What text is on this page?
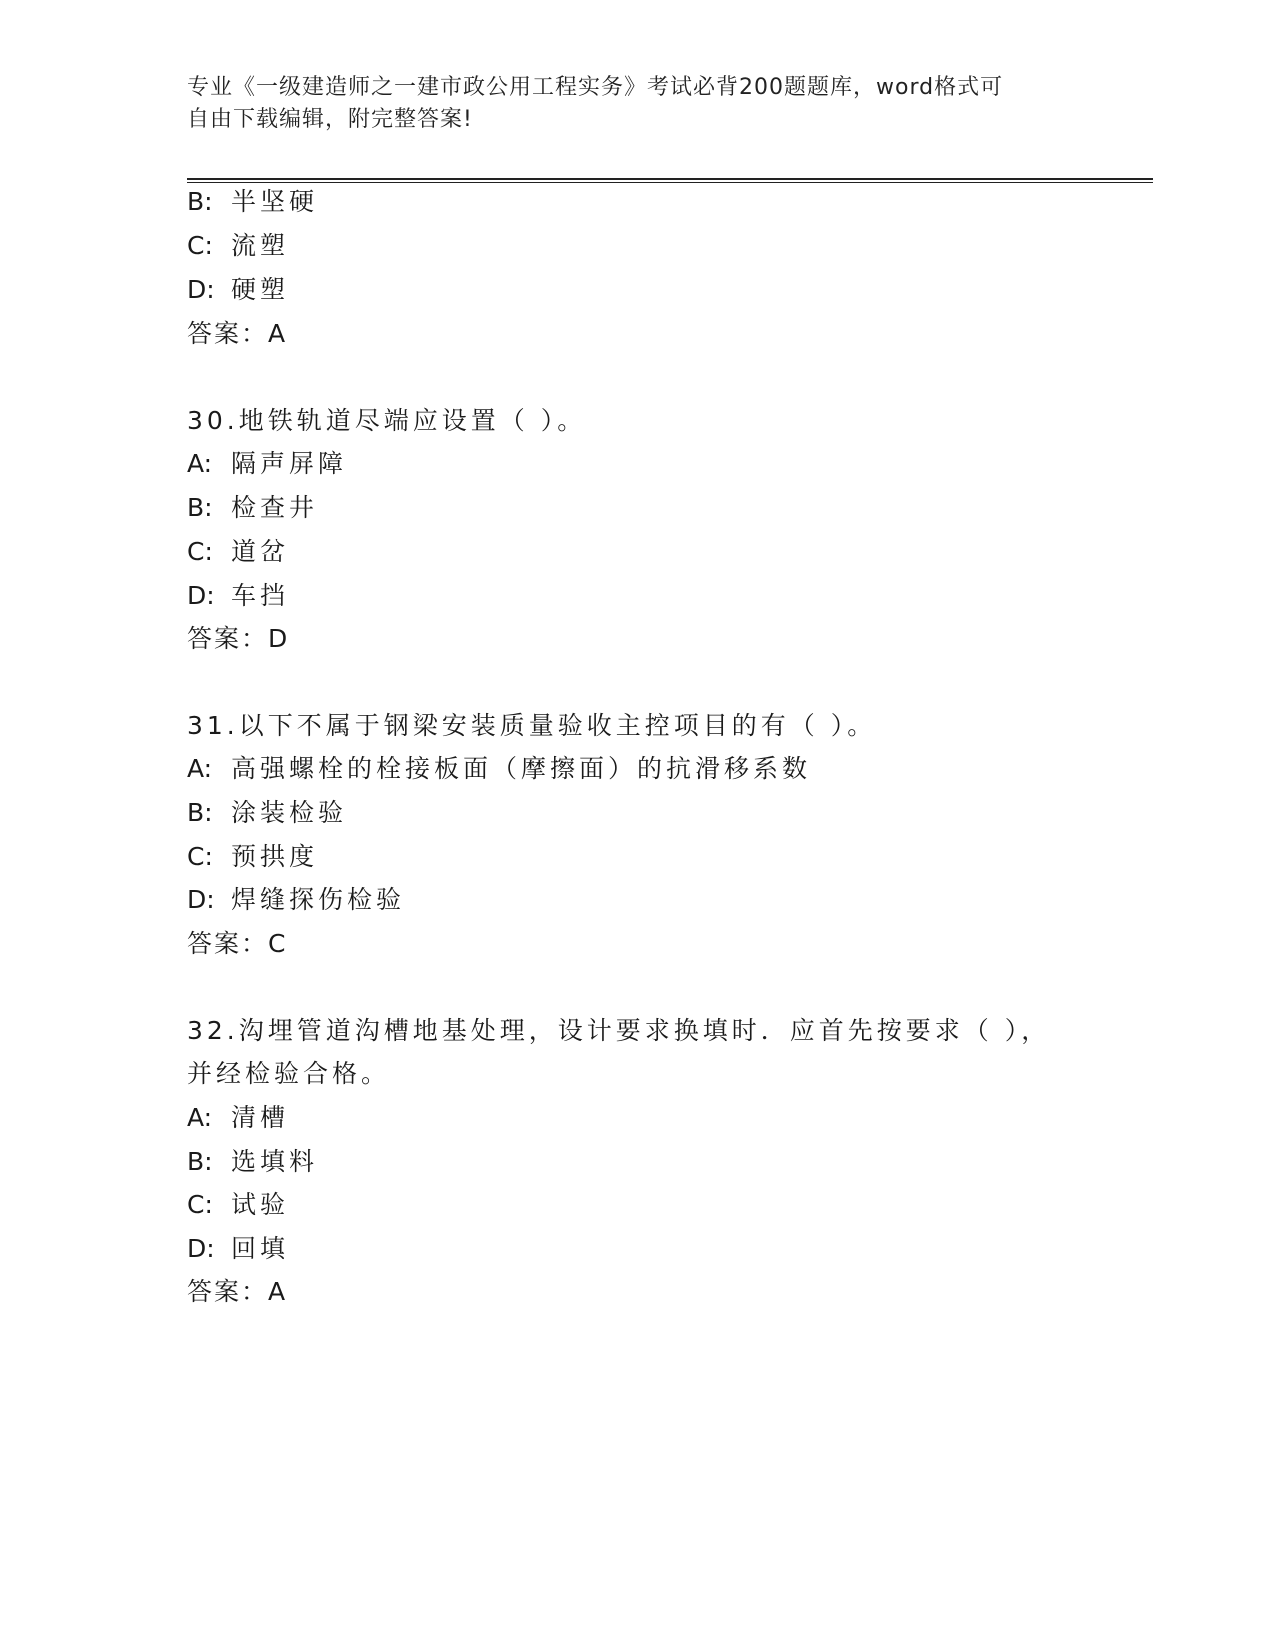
专业《一级建造师之一建市政公用工程实务》考试必背200题题库，word格式可
自由下载编辑，附完整答案!
B: 半坚硬
C: 流塑
D: 硬塑
答案：A
30.地铁轨道尽端应设置（ ）。
A: 隔声屏障
B: 检查井
C: 道岔
D: 车挡
答案：D
31.以下不属于钢梁安装质量验收主控项目的有（ ）。
A: 高强螺栓的栓接板面（摩擦面）的抗滑移系数
B: 涂装检验
C: 预拱度
D: 焊缝探伤检验
答案：C
32.沟埋管道沟槽地基处理，设计要求换填时．应首先按要求（ ），
并经检验合格。
A: 清槽
B: 选填料
C: 试验
D: 回填
答案：A
